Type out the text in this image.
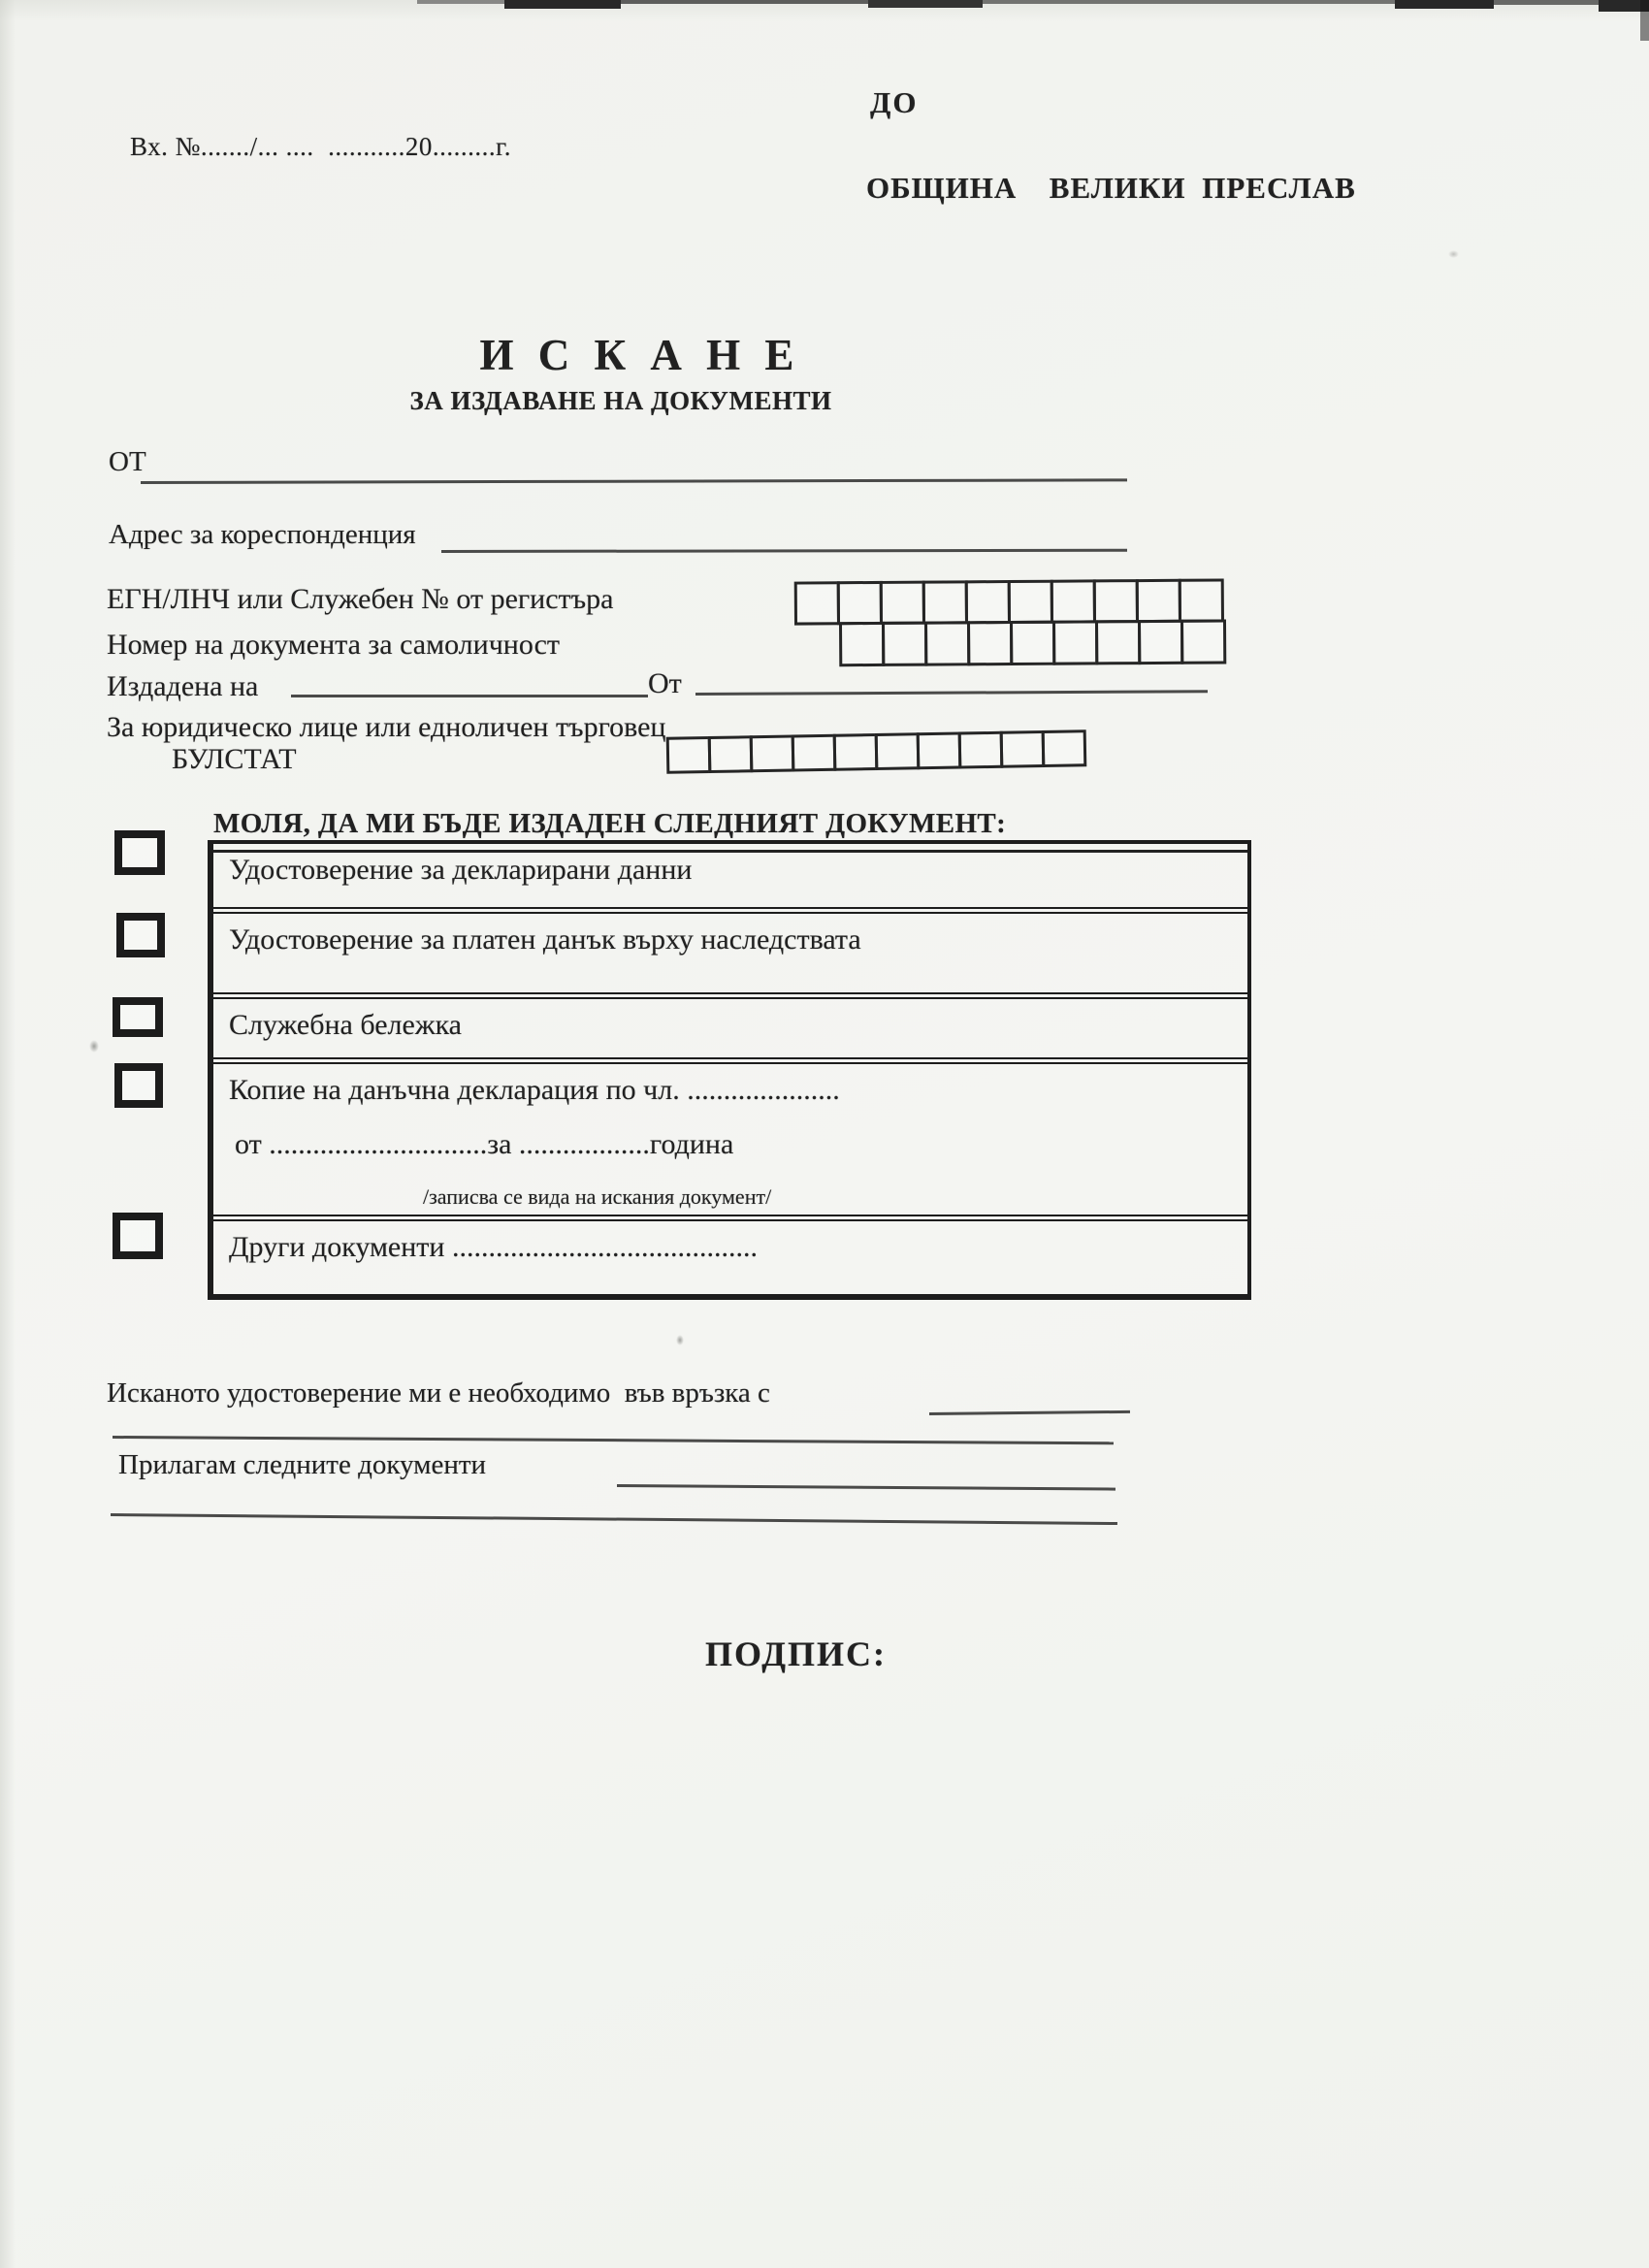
ДО
Вх. №......./... ....  ...........20.........г.
ОБЩИНА  ВЕЛИКИ ПРЕСЛАВ
И С К А Н Е
ЗА ИЗДАВАНЕ НА ДОКУМЕНТИ
ОТ
Адрес за кореспонденция
ЕГН/ЛНЧ или Служебен № от регистъра
Номер на документа за самоличност
Издадена на	От
За юридическо лице или едноличен търговец
БУЛСТАТ
МОЛЯ, ДА МИ БЪДЕ ИЗДАДЕН СЛЕДНИЯТ ДОКУМЕНТ:
Удостоверение за декларирани данни
Удостоверение за платен данък върху наследствата
Служебна бележка
Копие на данъчна декларация по чл. .....................
от ..............................за ..................година
/записва се вида на искания документ/
Други документи ..........................................
Исканото удостоверение ми е необходимо  във връзка с
Прилагам следните документи
ПОДПИС:
